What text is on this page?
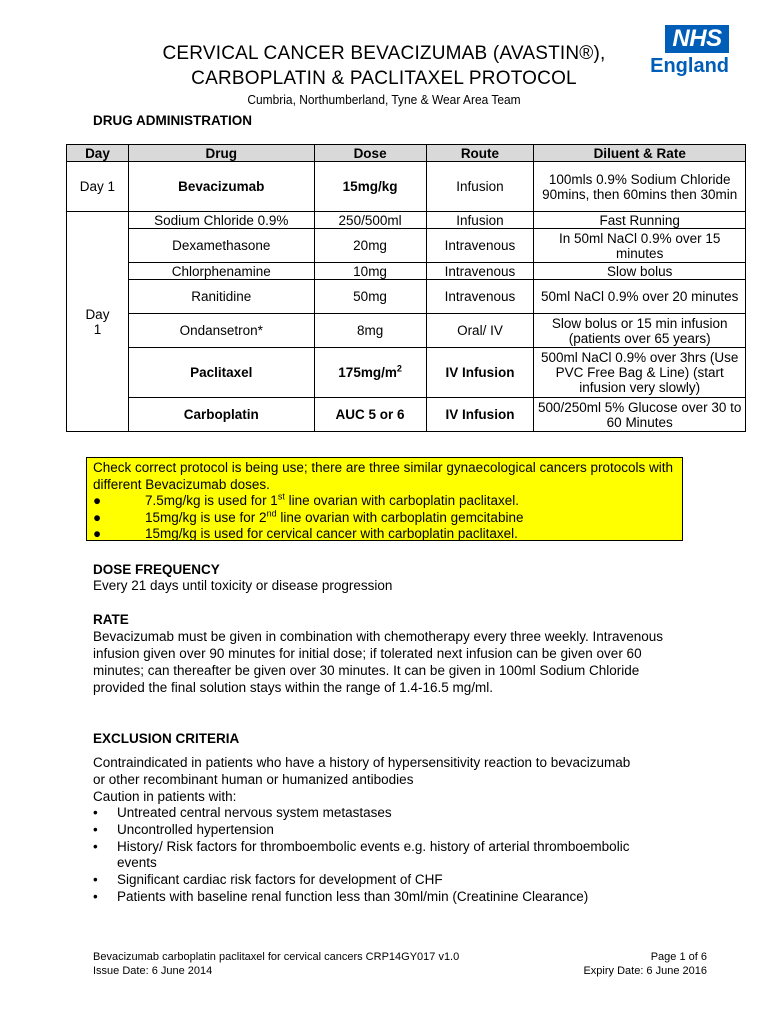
CERVICAL CANCER BEVACIZUMAB (AVASTIN®),
CARBOPLATIN & PACLITAXEL PROTOCOL
Cumbria, Northumberland, Tyne & Wear Area Team
NHS
England
DRUG ADMINISTRATION
Day	Drug	Dose	Route	Diluent & Rate
Day 1	Bevacizumab	15mg/kg	Infusion	100mls 0.9% Sodium Chloride 90mins, then 60mins then 30min

Day
1	Sodium Chloride 0.9%	250/500ml	Infusion	Fast Running
	Dexamethasone	20mg	Intravenous	In 50ml NaCl 0.9% over 15 minutes
	Chlorphenamine	10mg	Intravenous	Slow bolus
	Ranitidine	50mg	Intravenous	50ml NaCl 0.9% over 20 minutes
	Ondansetron*	8mg	Oral/ IV	Slow bolus or 15 min infusion (patients over 65 years)
	Paclitaxel	$175mg/m^2$	IV Infusion	500ml NaCl 0.9% over 3hrs (Use PVC Free Bag & Line) (start infusion very slowly)
	Carboplatin	AUC 5 or 6	IV Infusion	500/250ml 5% Glucose over 30 to 60 Minutes
Check correct protocol is being use; there are three similar gynaecological cancers protocols with different Bevacizumab doses.
●	7.5mg/kg is used for 1st line ovarian with carboplatin paclitaxel.
●	15mg/kg is use for 2nd line ovarian with carboplatin gemcitabine
●	15mg/kg is used for cervical cancer with carboplatin paclitaxel.
DOSE FREQUENCY
Every 21 days until toxicity or disease progression
RATE
Bevacizumab must be given in combination with chemotherapy every three weekly. Intravenous infusion given over 90 minutes for initial dose; if tolerated next infusion can be given over 60 minutes; can thereafter be given over 30 minutes. It can be given in 100ml Sodium Chloride provided the final solution stays within the range of 1.4-16.5 mg/ml.
EXCLUSION CRITERIA
Contraindicated in patients who have a history of hypersensitivity reaction to bevacizumab or other recombinant human or humanized antibodies
Caution in patients with:
• Untreated central nervous system metastases
• Uncontrolled hypertension
• History/ Risk factors for thromboembolic events e.g. history of arterial thromboembolic events
• Significant cardiac risk factors for development of CHF
• Patients with baseline renal function less than 30ml/min (Creatinine Clearance)
Bevacizumab carboplatin paclitaxel for cervical cancers CRP14GY017 v1.0	Page 1 of 6
Issue Date: 6 June 2014	Expiry Date: 6 June 2016
